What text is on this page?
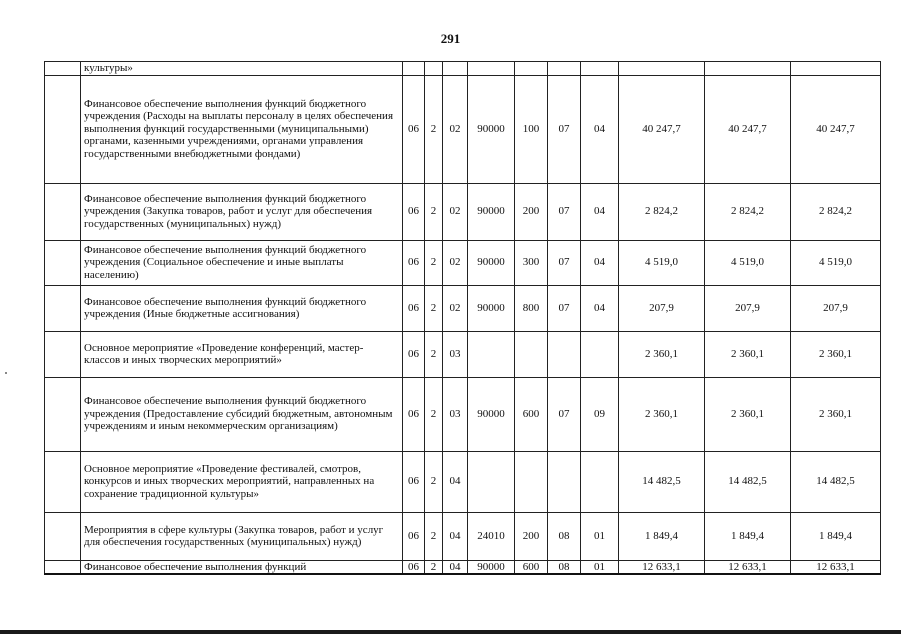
291
	культуры»										
	Финансовое обеспечение выполнения функций бюджетного учреждения (Расходы на выплаты персоналу в целях обеспечения выполнения функций государственными (муниципальными) органами, казенными учреждениями, органами управления государственными внебюджетными фондами)	06	2	02	90000	100	07	04	40 247,7	40 247,7	40 247,7
	Финансовое обеспечение выполнения функций бюджетного учреждения (Закупка товаров, работ и услуг для обеспечения государственных (муниципальных) нужд)	06	2	02	90000	200	07	04	2 824,2	2 824,2	2 824,2
	Финансовое обеспечение выполнения функций бюджетного учреждения (Социальное обеспечение и иные выплаты населению)	06	2	02	90000	300	07	04	4 519,0	4 519,0	4 519,0
	Финансовое обеспечение выполнения функций бюджетного учреждения (Иные бюджетные ассигнования)	06	2	02	90000	800	07	04	207,9	207,9	207,9
	Основное мероприятие «Проведение конференций, мастер-классов и иных творческих мероприятий»	06	2	03					2 360,1	2 360,1	2 360,1
	Финансовое обеспечение выполнения функций бюджетного учреждения (Предоставление субсидий бюджетным, автономным учреждениям и иным некоммерческим организациям)	06	2	03	90000	600	07	09	2 360,1	2 360,1	2 360,1
	Основное мероприятие «Проведение фестивалей, смотров, конкурсов и иных творческих мероприятий, направленных на сохранение традиционной культуры»	06	2	04					14 482,5	14 482,5	14 482,5
	Мероприятия в сфере культуры (Закупка товаров, работ и услуг для обеспечения государственных (муниципальных) нужд)	06	2	04	24010	200	08	01	1 849,4	1 849,4	1 849,4
	Финансовое обеспечение выполнения функций	06	2	04	90000	600	08	01	12 633,1	12 633,1	12 633,1
